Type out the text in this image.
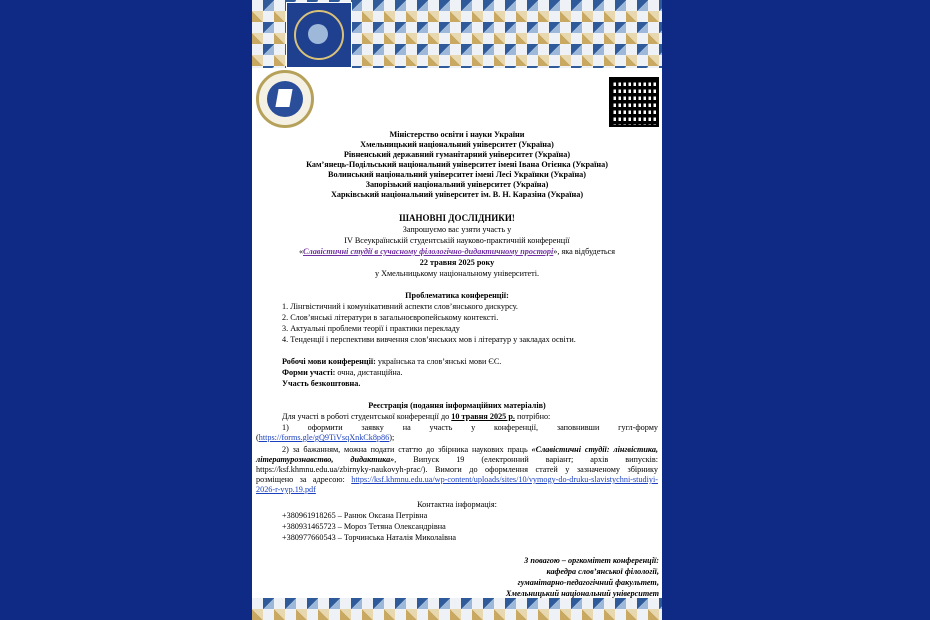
Міністерство освіти і науки України
Хмельницький національний університет (Україна)
Рівненський державний гуманітарний університет (Україна)
Кам’янець-Подільський національний університет імені Івана Огієнка (Україна)
Волинський національний університет імені Лесі Українки (Україна)
Запорізький національний університет (Україна)
Харківський національний університет ім. В. Н. Каразіна (Україна)
ШАНОВНІ ДОСЛІДНИКИ!
Запрошуємо вас узяти участь у
IV Всеукраїнській студентській науково-практичній конференції
«Славістичні студії в сучасному філологічно-дидактичному просторі», яка відбудеться
22 травня 2025 року
у Хмельницькому національному університеті.
Проблематика конференції:
1. Лінгвістичний і комунікативний аспекти слов’янського дискурсу.
2. Слов’янські літератури в загальноєвропейському контексті.
3. Актуальні проблеми теорії і практики перекладу
4. Тенденції і перспективи вивчення слов’янських мов і літератур у закладах освіти.
Робочі мови конференції: українська та слов’янські мови ЄС.
Форми участі: очна, дистанційна.
Участь безкоштовна.
Реєстрація (подання інформаційних матеріалів)
Для участі в роботі студентської конференції до 10 травня 2025 р. потрібно:
1) оформити заявку на участь у конференції, заповнивши гугл-форму (https://forms.gle/gQ9TiVsqXnkCk8p86);
2) за бажанням, можна подати статтю до збірника наукових праць «Славістичні студії: лінгвістика, літературознавство, дидактика», Випуск 19 (електронний варіант; архів випусків: https://ksf.khmnu.edu.ua/zbirnyky-naukovyh-prac/). Вимоги до оформлення статей у зазначеному збірнику розміщено за адресою: https://ksf.khmnu.edu.ua/wp-content/uploads/sites/10/vymogy-do-druku-slavistychni-studiyi-2026-r-vyp.19.pdf
Контактна інформація:
+380961918265 – Ранюк Оксана Петрівна
+380931465723 – Мороз Тетяна Олександрівна
+380977660543 – Торчинська Наталія Миколаївна
З повагою – оргкомітет конференції:
кафедра слов’янської філології,
гуманітарно-педагогічний факультет,
Хмельницький національний університет
